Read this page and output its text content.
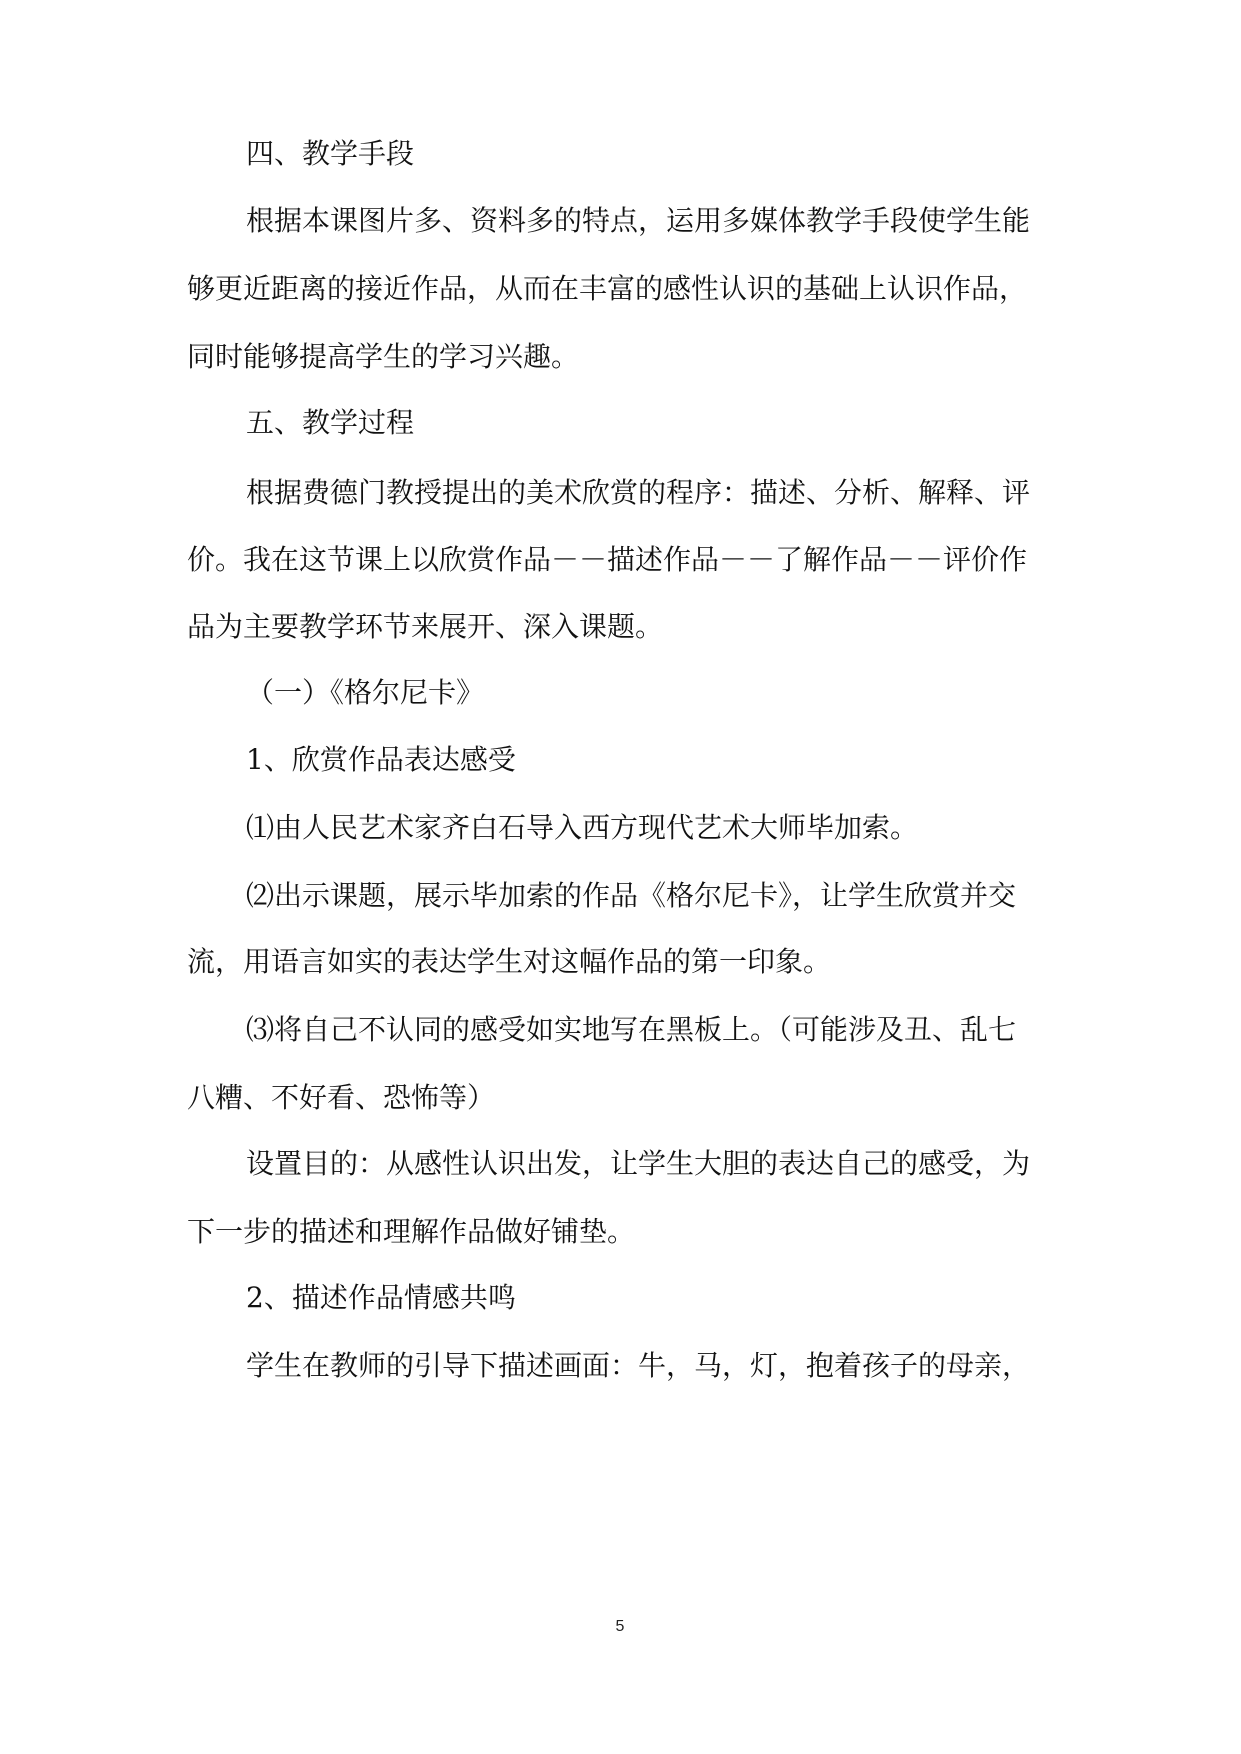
四、教学手段
根据本课图片多、资料多的特点，运用多媒体教学手段使学生能
够更近距离的接近作品，从而在丰富的感性认识的基础上认识作品，
同时能够提高学生的学习兴趣。
五、教学过程
根据费德门教授提出的美术欣赏的程序：描述、分析、解释、评
价。我在这节课上以欣赏作品－－描述作品－－了解作品－－评价作
品为主要教学环节来展开、深入课题。
（一）《格尔尼卡》
1、欣赏作品表达感受
⑴由人民艺术家齐白石导入西方现代艺术大师毕加索。
⑵出示课题，展示毕加索的作品《格尔尼卡》，让学生欣赏并交
流，用语言如实的表达学生对这幅作品的第一印象。
⑶将自己不认同的感受如实地写在黑板上。（可能涉及丑、乱七
八糟、不好看、恐怖等）
设置目的：从感性认识出发，让学生大胆的表达自己的感受，为
下一步的描述和理解作品做好铺垫。
2、描述作品情感共鸣
学生在教师的引导下描述画面：牛，马，灯，抱着孩子的母亲，
5
